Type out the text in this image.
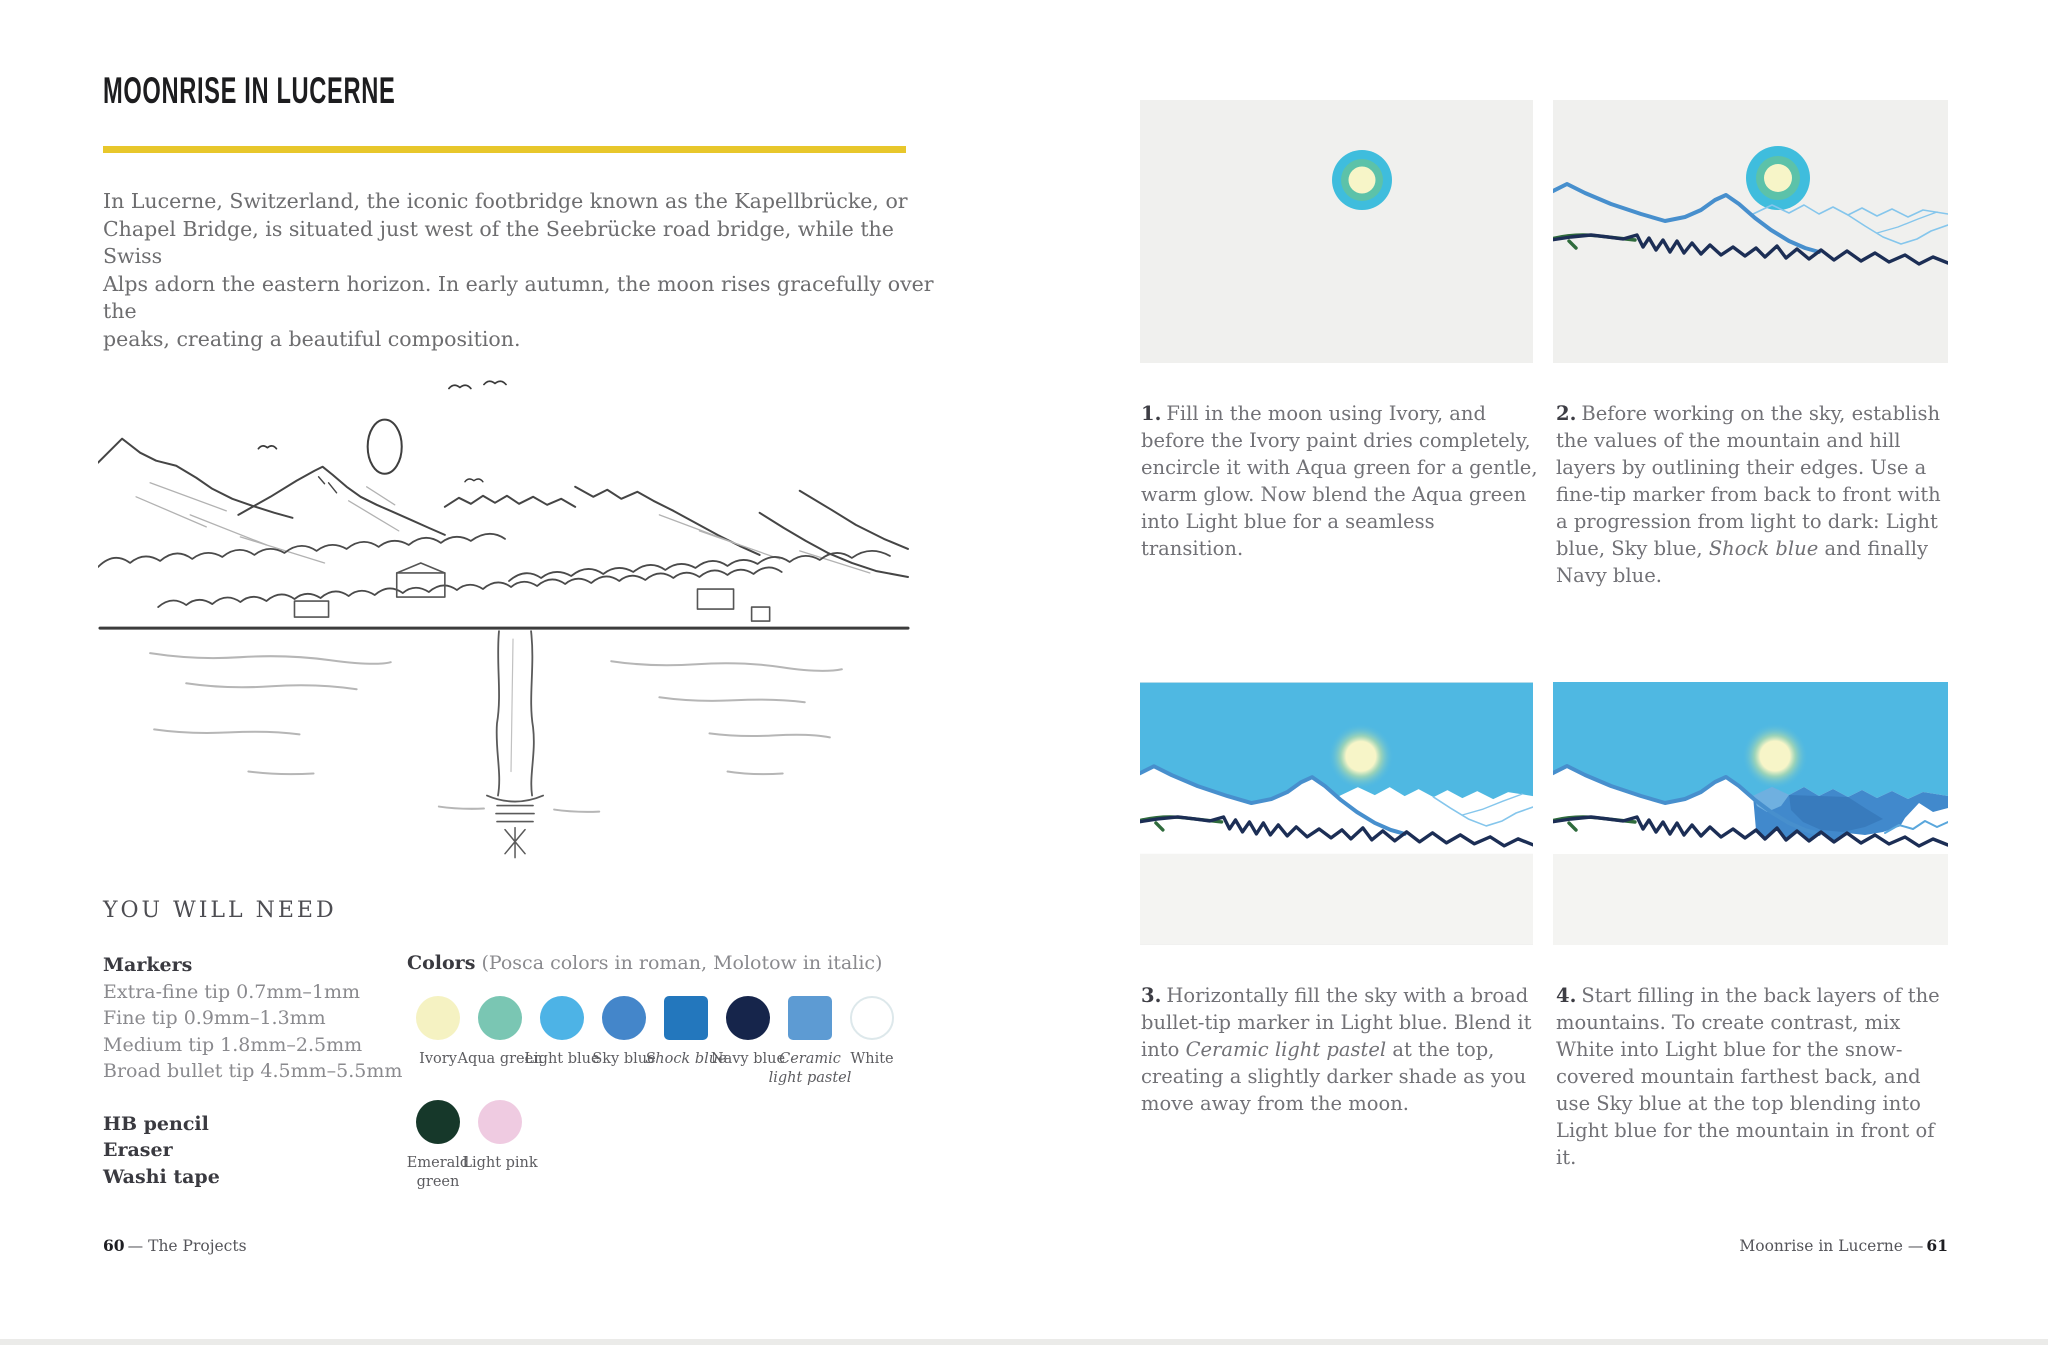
MOONRISE IN LUCERNE
In Lucerne, Switzerland, the iconic footbridge known as the Kapellbrücke, or
Chapel Bridge, is situated just west of the Seebrücke road bridge, while the Swiss
Alps adorn the eastern horizon. In early autumn, the moon rises gracefully over the
peaks, creating a beautiful composition.
YOU WILL NEED
Markers
Extra-fine tip 0.7mm–1mm
Fine tip 0.9mm–1.3mm
Medium tip 1.8mm–2.5mm
Broad bullet tip 4.5mm–5.5mm
HB pencil
Eraser
Washi tape
Colors (Posca colors in roman, Molotow in italic)
Ivory Aqua green
Light blue
Sky blue
Shock blue
Navy blue
Ceramic light pastel
White
Emerald green
Light pink
60 — The Projects
1. Fill in the moon using Ivory, and before the Ivory paint dries completely, encircle it with Aqua green for a gentle, warm glow. Now blend the Aqua green into Light blue for a seamless transition.
2. Before working on the sky, establish the values of the mountain and hill layers by outlining their edges. Use a fine-tip marker from back to front with a progression from light to dark: Light blue, Sky blue, Shock blue and finally Navy blue.
3. Horizontally fill the sky with a broad bullet-tip marker in Light blue. Blend it into Ceramic light pastel at the top, creating a slightly darker shade as you move away from the moon.
4. Start filling in the back layers of the mountains. To create contrast, mix White into Light blue for the snow-covered mountain farthest back, and use Sky blue at the top blending into Light blue for the mountain in front of it.
Moonrise in Lucerne — 61
